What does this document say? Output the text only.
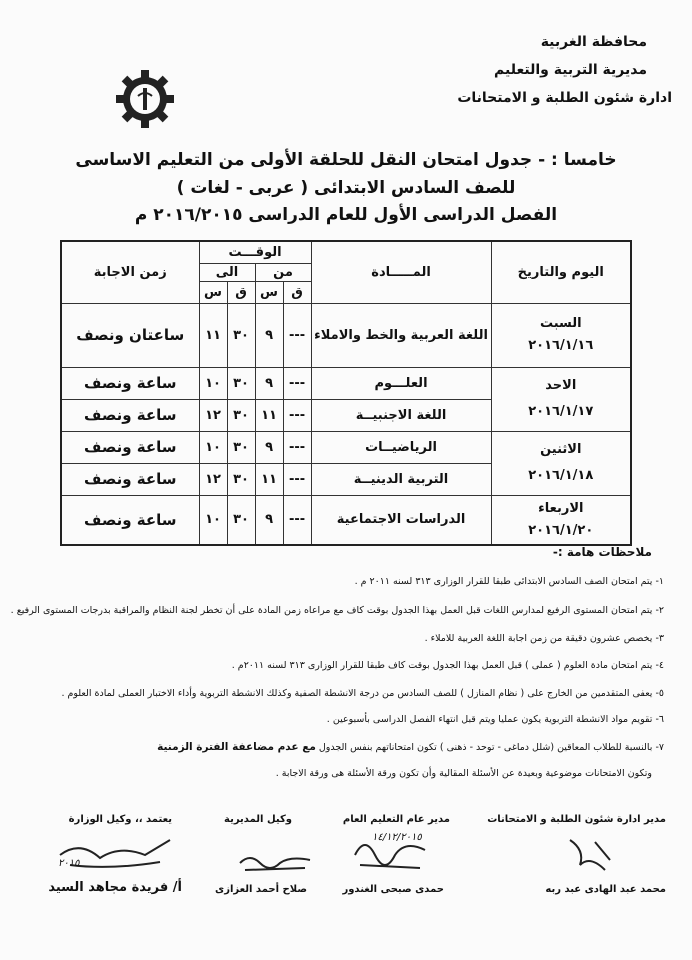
محافظة الغربية
مديرية التربية والتعليم
ادارة شئون الطلبة و الامتحانات
خامسا : - جدول امتحان النقل للحلقة الأولى من التعليم الاساسى
للصف السادس الابتدائى ( عربى - لغات )
الفصل الدراسى الأول للعام الدراسى ٢٠١٦/٢٠١٥ م
اليوم والتاريخ	المـــــادة	الوقـــت				زمن الاجابة
		من		الى		
		ق	س	ق	س	

السبت
٢٠١٦/١/١٦	اللغة العربية والخط والاملاء	---	٩	٣٠	١١	ساعتان ونصف

الاحد
٢٠١٦/١/١٧	العلـــوم	---	٩	٣٠	١٠	ساعة ونصف
	اللغة الاجنبيــة	---	١١	٣٠	١٢	ساعة ونصف

الاثنين
٢٠١٦/١/١٨	الرياضيــات	---	٩	٣٠	١٠	ساعة ونصف
	التربية الدينيــة	---	١١	٣٠	١٢	ساعة ونصف

الاربعاء
٢٠١٦/١/٢٠	الدراسات الاجتماعية	---	٩	٣٠	١٠	ساعة ونصف
ملاحظات هامة :-
١- يتم امتحان الصف السادس الابتدائى طبقا للقرار الوزارى ٣١٣ لسنه ٢٠١١ م .
٢- يتم امتحان المستوى الرفيع لمدارس اللغات قبل العمل بهذا الجدول بوقت كاف مع مراعاه زمن المادة على أن تخطر لجنة النظام والمراقبة بدرجات المستوى الرفيع .
٣- يخصص عشرون دقيقة من زمن اجابة اللغة العربية للاملاء .
٤- يتم امتحان مادة العلوم ( عملى ) قبل العمل بهذا الجدول بوقت كاف طبقا للقرار الوزارى ٣١٣ لسنه ٢٠١١م .
٥- يعفى المتقدمين من الخارج على ( نظام المنازل ) للصف السادس من درجة الانشطة الصفية وكذلك الانشطة التربوية وأداء الاختبار العملى لمادة العلوم .
٦- تقويم مواد الانشطة التربوية يكون عمليا ويتم قبل انتهاء الفصل الدراسى بأسبوعين .
٧- بالنسبة للطلاب المعاقين (شلل دماغى - توحد - ذهنى ) تكون امتحاناتهم بنفس الجدول مع عدم مضاعفة الفترة الزمنية
وتكون الامتحانات موضوعية وبعيدة عن الأسئلة المقالية وأن تكون ورقة الأسئلة هى ورقة الاجابة .
مدير ادارة شئون الطلبة و الامتحانات
مدير عام التعليم العام
وكيل المديرية
يعتمد ،، وكيل الوزارة
١٤/١٢/٢٠١٥
٢٠١٥
محمد عبد الهادى عبد ربه
حمدى صبحى الغندور
صلاح أحمد العزازى
أ/ فريدة مجاهد السيد
